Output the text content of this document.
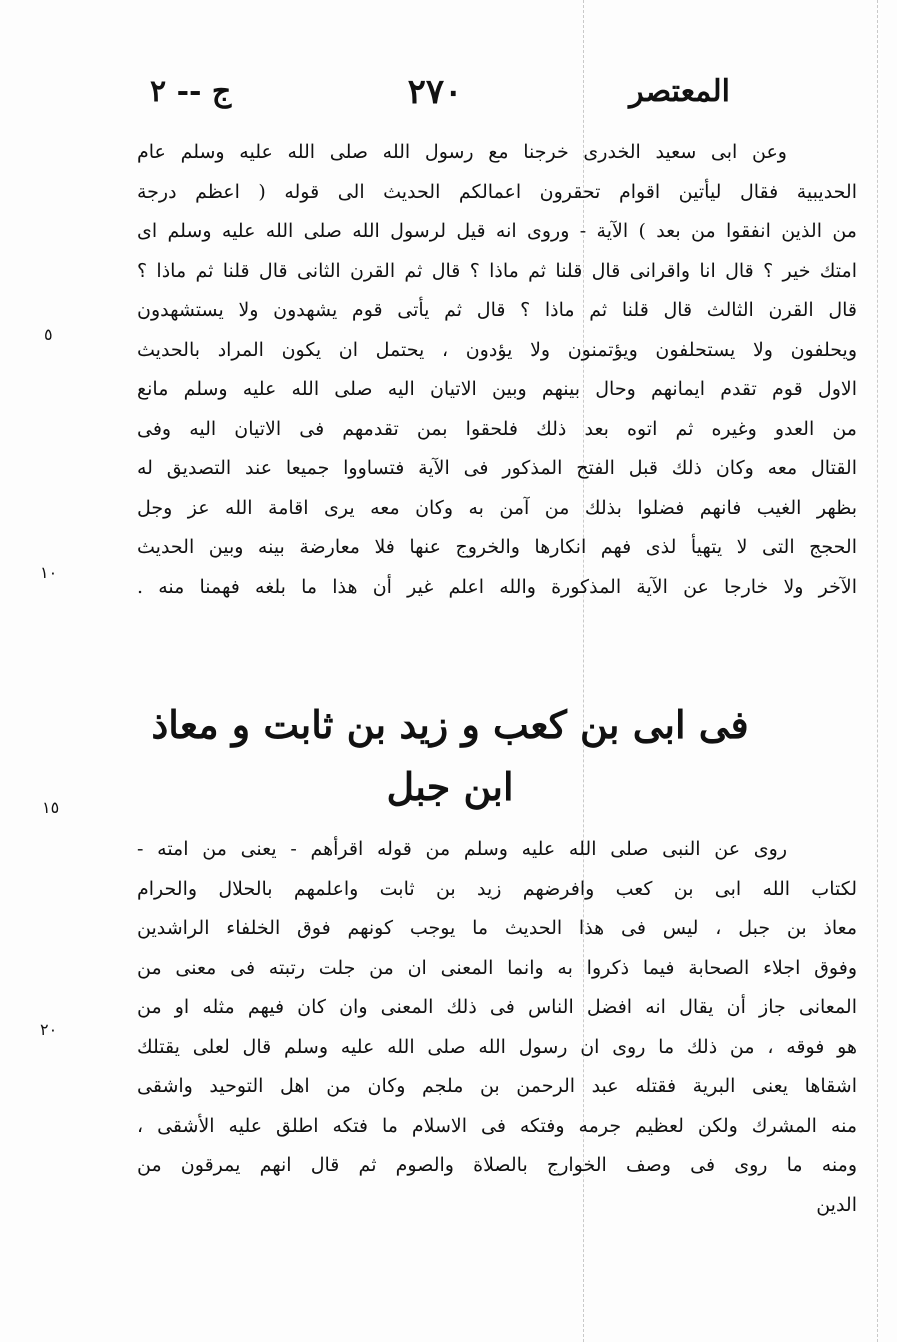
المعتصر
٢٧٠
ج -- ٢
وعن ابى سعيد الخدرى خرجنا مع رسول الله صلى الله عليه وسلم عام
الحديبية فقال ليأتين اقوام تحقرون اعمالكم الحديث الى قوله ( اعظم درجة
من الذين انفقوا من بعد ) الآية - وروى انه قيل لرسول الله صلى الله عليه وسلم اى
امتك خير ؟ قال انا واقرانى قال قلنا ثم ماذا ؟ قال ثم القرن الثانى قال قلنا ثم ماذا ؟
قال القرن الثالث قال قلنا ثم ماذا ؟ قال ثم يأتى قوم يشهدون ولا يستشهدون
ويحلفون ولا يستحلفون ويؤتمنون ولا يؤدون ، يحتمل ان يكون المراد بالحديث
الاول قوم تقدم ايمانهم وحال بينهم وبين الاتيان اليه صلى الله عليه وسلم مانع
من العدو وغيره ثم اتوه بعد ذلك فلحقوا بمن تقدمهم فى الاتيان اليه وفى
القتال معه وكان ذلك قبل الفتح المذكور فى الآية فتساووا جميعا عند التصديق له
بظهر الغيب فانهم فضلوا بذلك من آمن به وكان معه يرى اقامة الله عز وجل
الحجج التى لا يتهيأ لذى فهم انكارها والخروج عنها فلا معارضة بينه وبين الحديث
الآخر ولا خارجا عن الآية المذكورة والله اعلم غير أن هذا ما بلغه فهمنا منه .
فى ابى بن كعب و زيد بن ثابت و معاذ
ابن جبل
روى عن النبى صلى الله عليه وسلم من قوله اقرأهم - يعنى من امته -
لكتاب الله ابى بن كعب وافرضهم زيد بن ثابت واعلمهم بالحلال والحرام
معاذ بن جبل ، ليس فى هذا الحديث ما يوجب كونهم فوق الخلفاء الراشدين
وفوق اجلاء الصحابة فيما ذكروا به وانما المعنى ان من جلت رتبته فى معنى من
المعانى جاز أن يقال انه افضل الناس فى ذلك المعنى وان كان فيهم مثله او من
هو فوقه ، من ذلك ما روى ان رسول الله صلى الله عليه وسلم قال لعلى يقتلك
اشقاها يعنى البرية فقتله عبد الرحمن بن ملجم وكان من اهل التوحيد واشقى
منه المشرك ولكن لعظيم جرمه وفتكه فى الاسلام ما فتكه اطلق عليه الأشقى ،
ومنه ما روى فى وصف الخوارج بالصلاة والصوم ثم قال انهم يمرقون من
الدين
٥
١٠
١٥
٢٠
